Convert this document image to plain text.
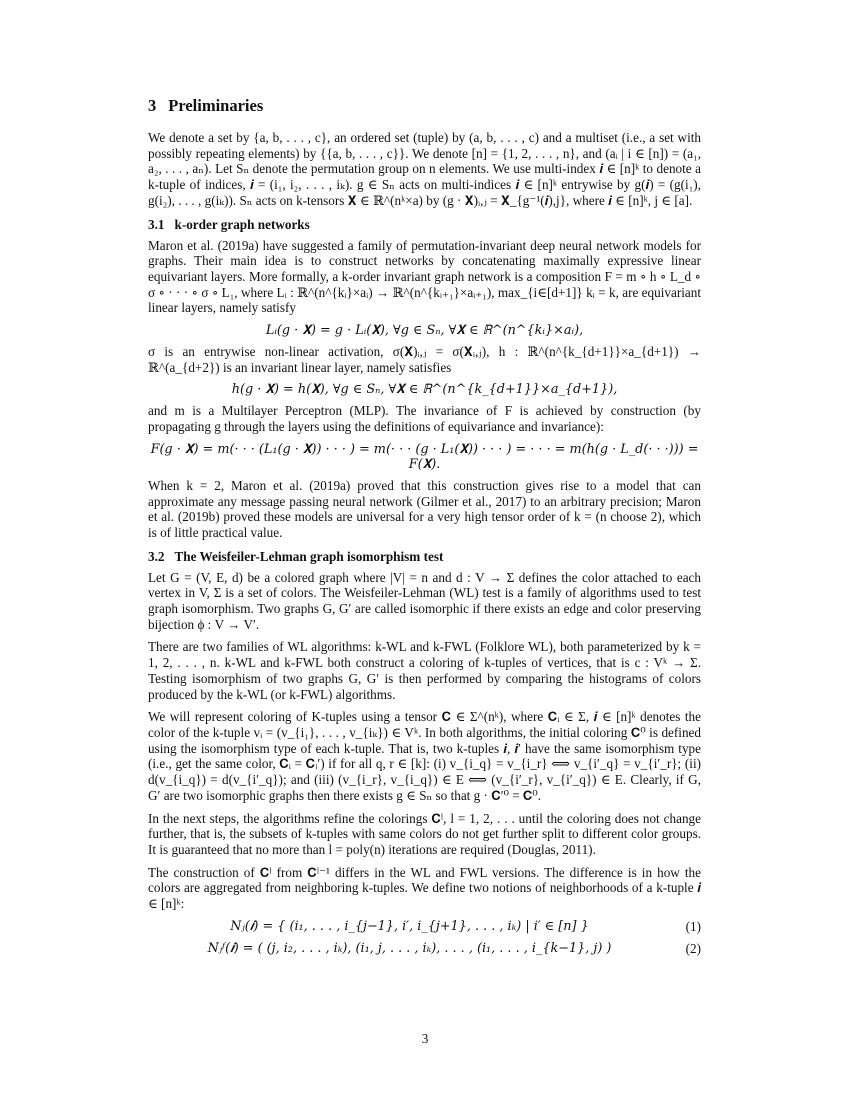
3 Preliminaries

We denote a set by {a, b, . . . , c}, an ordered set (tuple) by (a, b, . . . , c) and a multiset (i.e., a set with possibly repeating elements) by {{a, b, . . . , c}}. We denote [n] = {1, 2, . . . , n}, and (aᵢ | i ∈ [n]) = (a₁, a₂, . . . , aₙ). Let Sₙ denote the permutation group on n elements. We use multi-index 𝒊 ∈ [n]ᵏ to denote a k-tuple of indices, 𝒊 = (i₁, i₂, . . . , iₖ). g ∈ Sₙ acts on multi-indices 𝒊 ∈ [n]ᵏ entrywise by g(𝒊) = (g(i₁), g(i₂), . . . , g(iₖ)). Sₙ acts on k-tensors 𝐗 ∈ ℝ^(nᵏ×a) by (g · 𝐗)ᵢ,ⱼ = 𝐗_{g⁻¹(𝒊),j}, where 𝒊 ∈ [n]ᵏ, j ∈ [a].

3.1 k-order graph networks

Maron et al. (2019a) have suggested a family of permutation-invariant deep neural network models for graphs. Their main idea is to construct networks by concatenating maximally expressive linear equivariant layers. More formally, a k-order invariant graph network is a composition F = m ∘ h ∘ L_d ∘ σ ∘ · · · ∘ σ ∘ L₁, where Lᵢ : ℝ^(n^{kᵢ}×aᵢ) → ℝ^(n^{kᵢ₊₁}×aᵢ₊₁), max_{i∈[d+1]} kᵢ = k, are equivariant linear layers, namely satisfy

Lᵢ(g · 𝐗) = g · Lᵢ(𝐗), ∀g ∈ Sₙ, ∀𝐗 ∈ ℝ^(n^{kᵢ}×aᵢ),

σ is an entrywise non-linear activation, σ(𝐗)ᵢ,ⱼ = σ(𝐗ᵢ,ⱼ), h : ℝ^(n^{k_{d+1}}×a_{d+1}) → ℝ^(a_{d+2}) is an invariant linear layer, namely satisfies

h(g · 𝐗) = h(𝐗), ∀g ∈ Sₙ, ∀𝐗 ∈ ℝ^(n^{k_{d+1}}×a_{d+1}),

and m is a Multilayer Perceptron (MLP). The invariance of F is achieved by construction (by propagating g through the layers using the definitions of equivariance and invariance):

F(g · 𝐗) = m(· · · (L₁(g · 𝐗)) · · · ) = m(· · · (g · L₁(𝐗)) · · · ) = · · · = m(h(g · L_d(· · ·))) = F(𝐗).

When k = 2, Maron et al. (2019a) proved that this construction gives rise to a model that can approximate any message passing neural network (Gilmer et al., 2017) to an arbitrary precision; Maron et al. (2019b) proved these models are universal for a very high tensor order of k = (n choose 2), which is of little practical value.

3.2 The Weisfeiler-Lehman graph isomorphism test

Let G = (V, E, d) be a colored graph where |V| = n and d : V → Σ defines the color attached to each vertex in V, Σ is a set of colors. The Weisfeiler-Lehman (WL) test is a family of algorithms used to test graph isomorphism. Two graphs G, G′ are called isomorphic if there exists an edge and color preserving bijection ϕ : V → V′.

There are two families of WL algorithms: k-WL and k-FWL (Folklore WL), both parameterized by k = 1, 2, . . . , n. k-WL and k-FWL both construct a coloring of k-tuples of vertices, that is c : Vᵏ → Σ. Testing isomorphism of two graphs G, G′ is then performed by comparing the histograms of colors produced by the k-WL (or k-FWL) algorithms.

We will represent coloring of K-tuples using a tensor 𝐂 ∈ Σ^(nᵏ), where 𝐂ᵢ ∈ Σ, 𝒊 ∈ [n]ᵏ denotes the color of the k-tuple vᵢ = (v_{i₁}, . . . , v_{iₖ}) ∈ Vᵏ. In both algorithms, the initial coloring 𝐂⁰ is defined using the isomorphism type of each k-tuple. That is, two k-tuples 𝒊, 𝒊′ have the same isomorphism type (i.e., get the same color, 𝐂ᵢ = 𝐂ᵢ′) if for all q, r ∈ [k]: (i) v_{i_q} = v_{i_r} ⟺ v_{i′_q} = v_{i′_r}; (ii) d(v_{i_q}) = d(v_{i′_q}); and (iii) (v_{i_r}, v_{i_q}) ∈ E ⟺ (v_{i′_r}, v_{i′_q}) ∈ E. Clearly, if G, G′ are two isomorphic graphs then there exists g ∈ Sₙ so that g · 𝐂′⁰ = 𝐂⁰.

In the next steps, the algorithms refine the colorings 𝐂ˡ, l = 1, 2, . . . until the coloring does not change further, that is, the subsets of k-tuples with same colors do not get further split to different color groups. It is guaranteed that no more than l = poly(n) iterations are required (Douglas, 2011).

The construction of 𝐂ˡ from 𝐂ˡ⁻¹ differs in the WL and FWL versions. The difference is in how the colors are aggregated from neighboring k-tuples. We define two notions of neighborhoods of a k-tuple 𝒊 ∈ [n]ᵏ:

Nⱼ(𝒊) = { (i₁, . . . , i_{j−1}, i′, i_{j+1}, . . . , iₖ) | i′ ∈ [n] }	(1)
Nⱼᶠ(𝒊) = ( (j, i₂, . . . , iₖ), (i₁, j, . . . , iₖ), . . . , (i₁, . . . , i_{k−1}, j) )	(2)
3
